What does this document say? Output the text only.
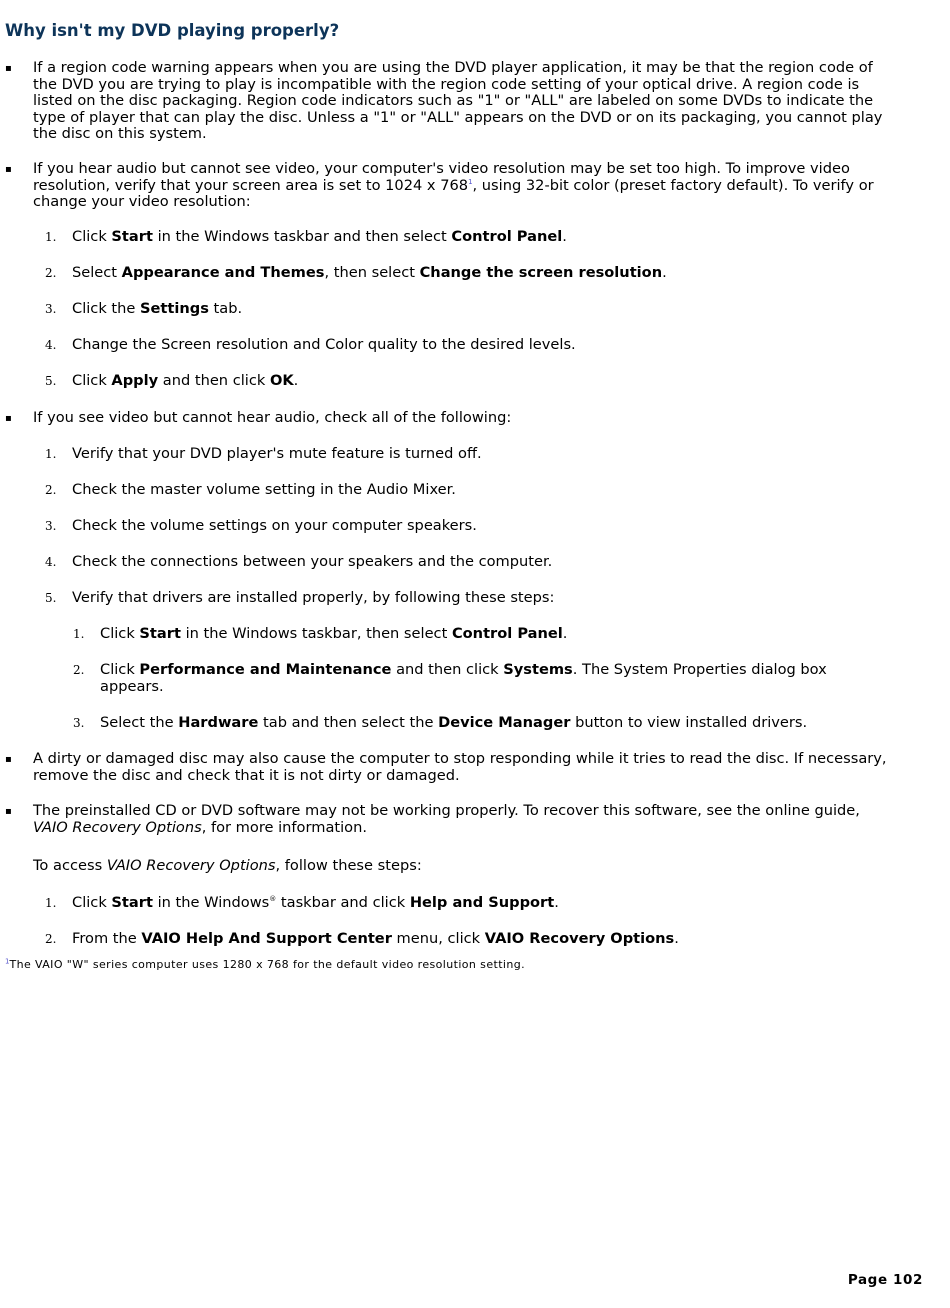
Why isn't my DVD playing properly?
▪ If a region code warning appears when you are using the DVD player application, it may be that the region code of the DVD you are trying to play is incompatible with the region code setting of your optical drive. A region code is listed on the disc packaging. Region code indicators such as "1" or "ALL" are labeled on some DVDs to indicate the type of player that can play the disc. Unless a "1" or "ALL" appears on the DVD or on its packaging, you cannot play the disc on this system.

▪ If you hear audio but cannot see video, your computer's video resolution may be set too high. To improve video resolution, verify that your screen area is set to 1024 x 768$^1$, using 32-bit color (preset factory default). To verify or change your video resolution:

1. Click Start in the Windows taskbar and then select Control Panel.

2. Select Appearance and Themes, then select Change the screen resolution.

3. Click the Settings tab.

4. Change the Screen resolution and Color quality to the desired levels.

5. Click Apply and then click OK.

▪ If you see video but cannot hear audio, check all of the following:

1. Verify that your DVD player's mute feature is turned off.

2. Check the master volume setting in the Audio Mixer.

3. Check the volume settings on your computer speakers.

4. Check the connections between your speakers and the computer.

5. Verify that drivers are installed properly, by following these steps:

1. Click Start in the Windows taskbar, then select Control Panel.

2. Click Performance and Maintenance and then click Systems. The System Properties dialog box appears.

3. Select the Hardware tab and then select the Device Manager button to view installed drivers.

▪ A dirty or damaged disc may also cause the computer to stop responding while it tries to read the disc. If necessary, remove the disc and check that it is not dirty or damaged.

▪ The preinstalled CD or DVD software may not be working properly. To recover this software, see the online guide, VAIO Recovery Options, for more information.

To access VAIO Recovery Options, follow these steps:

1. Click Start in the Windows® taskbar and click Help and Support.

2. From the VAIO Help And Support Center menu, click VAIO Recovery Options.

$^1$The VAIO "W" series computer uses 1280 x 768 for the default video resolution setting.
Page 102
